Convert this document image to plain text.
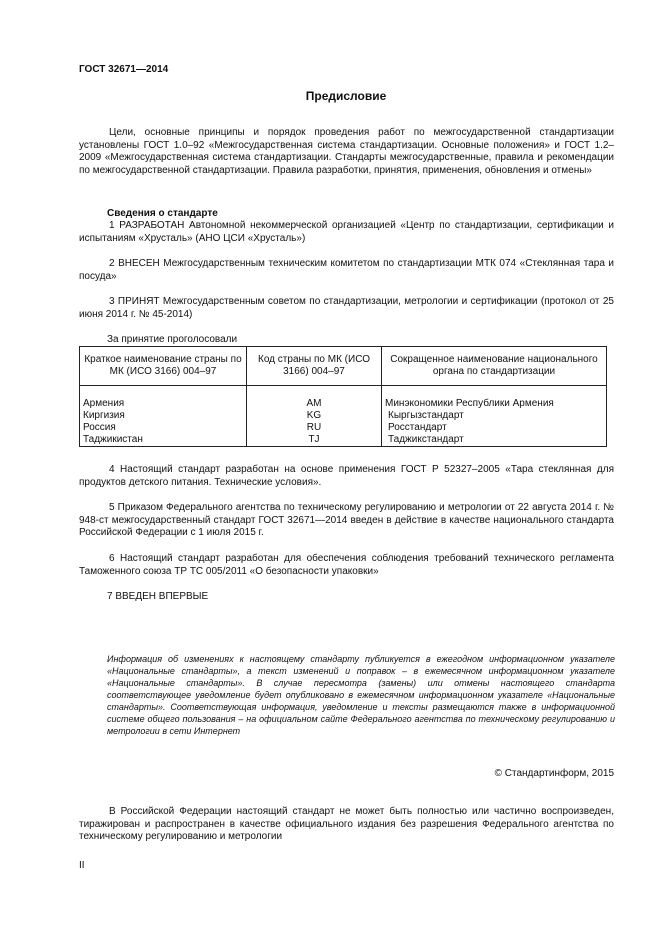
ГОСТ 32671—2014
Предисловие
Цели, основные принципы и порядок проведения работ по межгосударственной стандартизации установлены ГОСТ 1.0–92 «Межгосударственная система стандартизации. Основные положения» и ГОСТ 1.2–2009 «Межгосударственная система стандартизации. Стандарты межгосударственные, правила и рекомендации по межгосударственной стандартизации. Правила разработки, принятия, применения, обновления и отмены»
Сведения о стандарте
1 РАЗРАБОТАН Автономной некоммерческой организацией «Центр по стандартизации, сертификации и испытаниям «Хрусталь» (АНО ЦСИ «Хрусталь»)
2 ВНЕСЕН Межгосударственным техническим комитетом по стандартизации МТК 074 «Стеклянная тара и посуда»
3 ПРИНЯТ Межгосударственным советом по стандартизации, метрологии и сертификации (протокол от 25 июня 2014 г. № 45-2014)
За принятие проголосовали
Краткое наименование страны по МК (ИСО 3166) 004–97	Код страны по МК (ИСО 3166) 004–97	Сокращенное наименование национального органа по стандартизации
Армения	AM	Минэкономики Республики Армения
Киргизия	KG	Кыргызстандарт
Россия	RU	Росстандарт
Таджикистан	TJ	Таджикстандарт
4 Настоящий стандарт разработан на основе применения ГОСТ Р 52327–2005 «Тара стеклянная для продуктов детского питания. Технические условия».
5 Приказом Федерального агентства по техническому регулированию и метрологии от 22 августа 2014 г. № 948-ст межгосударственный стандарт ГОСТ 32671—2014 введен в действие в качестве национального стандарта Российской Федерации с 1 июля 2015 г.
6 Настоящий стандарт разработан для обеспечения соблюдения требований технического регламента Таможенного союза ТР ТС 005/2011 «О безопасности упаковки»
7 ВВЕДЕН ВПЕРВЫЕ
Информация об изменениях к настоящему стандарту публикуется в ежегодном информационном указателе «Национальные стандарты», а текст изменений и поправок – в ежемесячном информационном указателе «Национальные стандарты». В случае пересмотра (замены) или отмены настоящего стандарта соответствующее уведомление будет опубликовано в ежемесячном информационном указателе «Национальные стандарты». Соответствующая информация, уведомление и тексты размещаются также в информационной системе общего пользования – на официальном сайте Федерального агентства по техническому регулированию и метрологии в сети Интернет
© Стандартинформ, 2015
В Российской Федерации настоящий стандарт не может быть полностью или частично воспроизведен, тиражирован и распространен в качестве официального издания без разрешения Федерального агентства по техническому регулированию и метрологии
II
